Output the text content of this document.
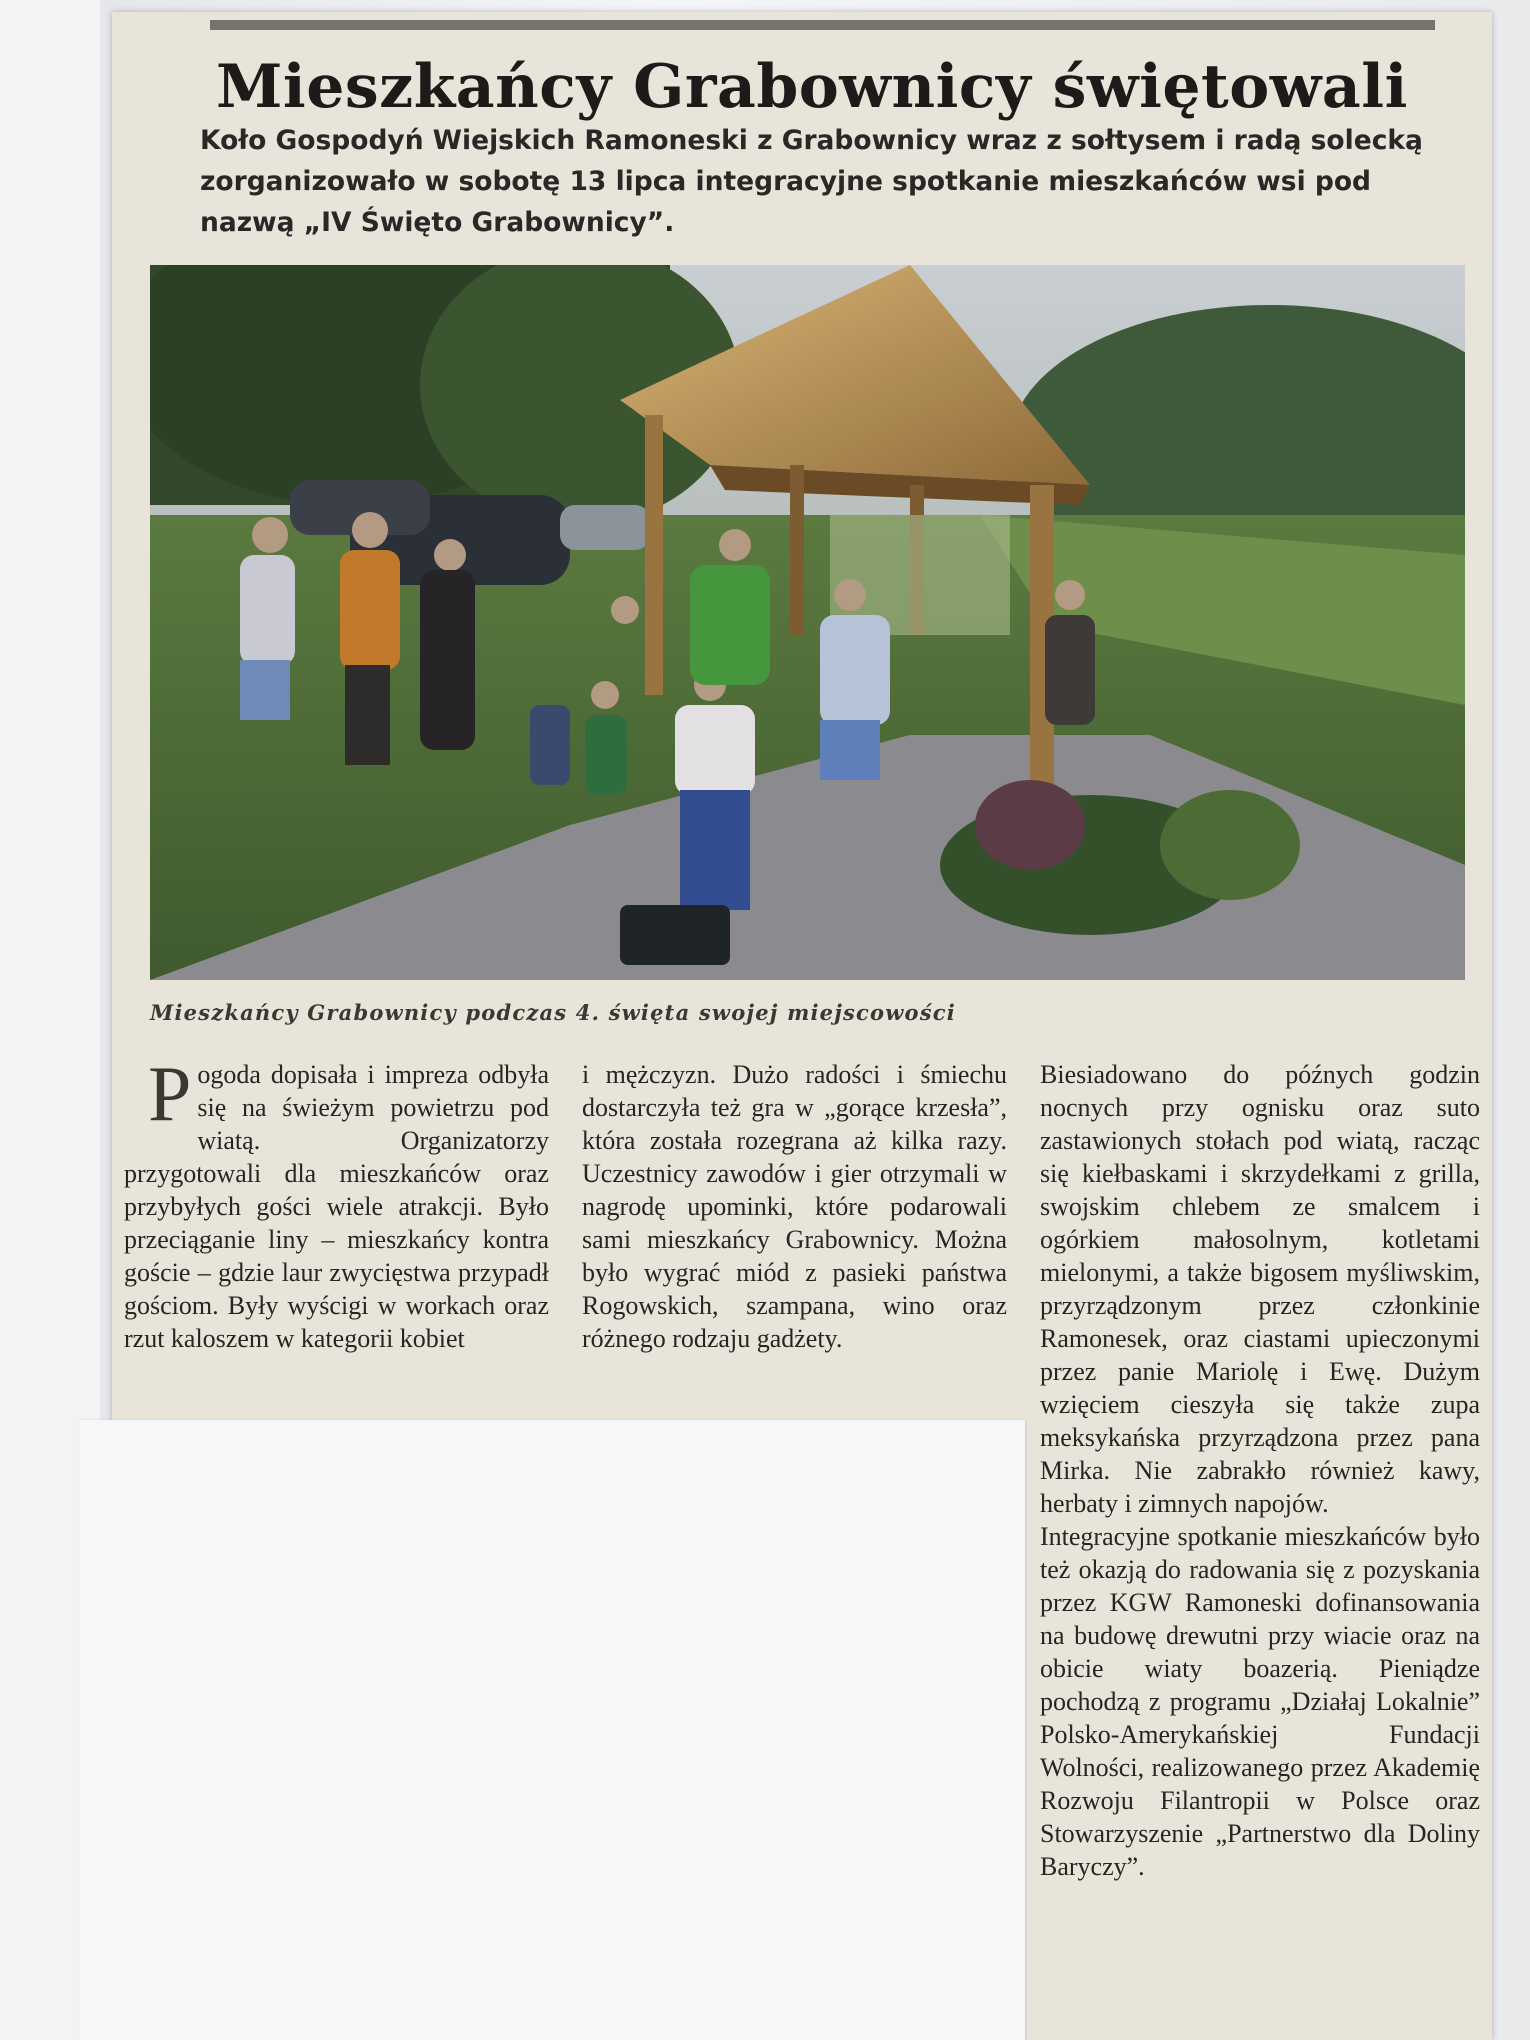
Mieszkańcy Grabownicy świętowali
Koło Gospodyń Wiejskich Ramoneski z Grabownicy wraz z sołtysem i radą solecką zorganizowało w sobotę 13 lipca integracyjne spotkanie mieszkańców wsi pod nazwą „IV Święto Grabownicy”.
Mieszkańcy Grabownicy podczas 4. święta swojej miejscowości
P ogoda dopisała i impreza odbyła się na świeżym powietrzu pod wiatą. Organizatorzy przygotowali dla mieszkańców oraz przybyłych gości wiele atrakcji. Było przeciąganie liny – mieszkańcy kontra goście – gdzie laur zwycięstwa przypadł gościom. Były wyścigi w workach oraz rzut kaloszem w kategorii kobiet

i mężczyzn. Dużo radości i śmiechu dostarczyła też gra w „gorące krzesła”, która została rozegrana aż kilka razy. Uczestnicy zawodów i gier otrzymali w nagrodę upominki, które podarowali sami mieszkańcy Grabownicy. Można było wygrać miód z pasieki państwa Rogowskich, szampana, wino oraz różnego rodzaju gadżety.

Biesiadowano do późnych godzin nocnych przy ognisku oraz suto zastawionych stołach pod wiatą, racząc się kiełbaskami i skrzydełkami z grilla, swojskim chlebem ze smalcem i ogórkiem małosolnym, kotletami mielonymi, a także bigosem myśliwskim, przyrządzonym przez członkinie Ramonesek, oraz ciastami upieczonymi przez panie Mariolę i Ewę. Dużym wzięciem cieszyła się także zupa meksykańska przyrządzona przez pana Mirka. Nie zabrakło również kawy, herbaty i zimnych napojów.

Integracyjne spotkanie mieszkańców było też okazją do radowania się z pozyskania przez KGW Ramoneski dofinansowania na budowę drewutni przy wiacie oraz na obicie wiaty boazerią. Pieniądze pochodzą z programu „Działaj Lokalnie” Polsko-Amerykańskiej Fundacji Wolności, realizowanego przez Akademię Rozwoju Filantropii w Polsce oraz Stowarzyszenie „Partnerstwo dla Doliny Baryczy”.
